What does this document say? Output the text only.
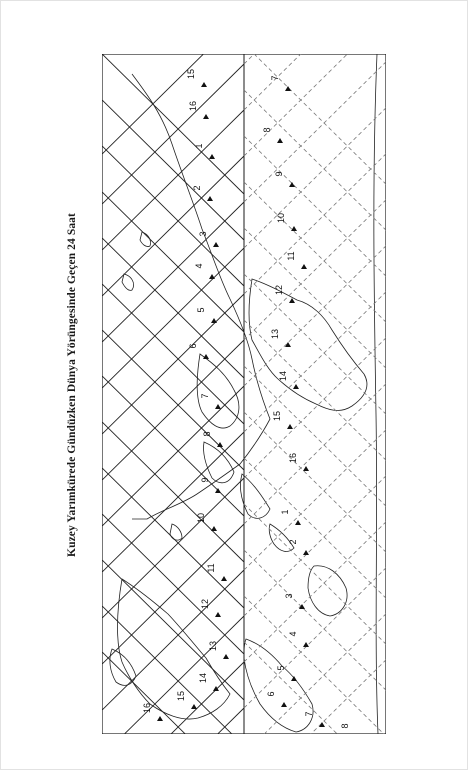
Kuzey Yarımkürede Gündüzken Dünya Yörüngesinde Geçen 24 Saat
1
2
3
4
5
6
7
8
9
10
11
12
13
14
15
16
15
16
7
8
9
10
11
12
13
14
15
16
1
2
3
4
5
6
7
8
